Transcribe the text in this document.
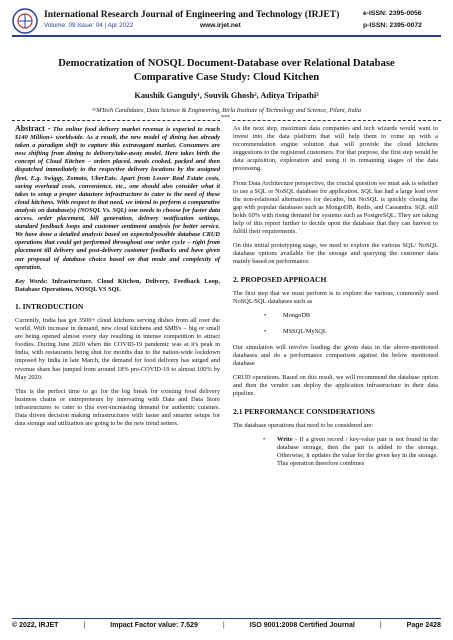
International Research Journal of Engineering and Technology (IRJET)
Volume: 09 Issue: 04 | Apr 2022	www.irjet.net
e-ISSN: 2395-0056
p-ISSN: 2395-0072
Democratization of NOSQL Document-Database over Relational Database
Comparative Case Study: Cloud Kitchen
Kaushik Ganguly¹, Souvik Ghosh², Aditya Tripathi³
¹ʲʳMTech Candidates, Data Science & Engineering, Birla Institute of Technology and Science, Pilani, India
***

Abstract - The online food delivery market revenue is expected to reach $140 Million+ worldwide. As a result, the new model of dining has already taken a paradigm shift to capture this extravagant market. Consumers are now shifting from dining to delivery/take-away model. Here takes birth the concept of Cloud Kitchen – orders placed, meals cooked, packed and then dispatched immediately to the respective delivery locations by the assigned fleet, E.g. Swiggy, Zomato, UberEats. Apart from Lower Real Estate costs, saving overhead costs, convenience, etc., one should also consider what it takes to setup a proper datastore infrastructure to cater to the need of these cloud kitchens. With respect to that need, we intend to perform a comparative analysis on database(s) (NOSQL Vs. SQL) one needs to choose for faster data access, order placement, bill generation, delivery notification settings, standard feedback loops and customer sentiment analysis for better service. We have done a detailed analysis based on expected/possible database CRUD operations that could get performed throughout one order cycle – right from placement till delivery and post-delivery customer feedbacks and have given our proposal of database choice based on that mode and complexity of operation.

Key Words: Infrastructure, Cloud Kitchen, Delivery, Feedback Loop, Database Operations, NOSQL VS SQL

1. INTRODUCTION

Currently, India has got 3500+ cloud kitchens serving dishes from all over the world. With increase in demand, new cloud kitchens and SMB's – big or small are being opened almost every day resulting in intense competition to attract foodies. During June 2020 when the COVID-19 pandemic was at it's peak in India, with restaurants being shut for months due to the nation-wide lockdown imposed by India in late March, the demand for food delivery has surged and revenue share has jumped from around 18% pre-COVID-19 to almost 100% by May 2020.

This is the perfect time to go for the big break for existing food delivery business chains or entrepreneurs by innovating with Data and Data Store infrastructures to cater to this ever-increasing demand for authentic cuisines. Data driven decision making infrastructures with faster and smarter setups for data storage and utilization are going to be the new trend setters.

As the next step, maximum data companies and tech wizards would want to invest into the data platform that will help them to come up with a recommendation engine solution that will provide the cloud kitchens suggestions to the registered customers. For that purpose, the first step would be data acquisition, exploration and using it in remaining stages of the data processing.

From Data Architecture perspective, the crucial question we must ask is whether to use a SQL or NoSQL database for application. SQL has had a large lead over the non-relational alternatives for decades, but NoSQL is quickly closing the gap with popular databases such as MongoDB, Redis, and Cassandra. SQL still holds 60% with rising demand for systems such as PostgreSQL. They are taking help of this report further to decide upon the database that they can harvest to fulfill their requirements.

On this initial prototyping stage, we need to explore the various SQL/ NoSQL database options available for the storage and querying the customer data mainly based on performance.

2. PROPOSED APPROACH

The first step that we must perform is to explore the various, commonly used NoSQL/SQL databases such as

•	MongoDB
•	MSSQL/MySQL

Our simulation will involve loading the given data in the above-mentioned databases and do a performance comparison against the below mentioned database

CRUD operations. Based on this result, we will recommend the database option and then the vendor can deploy the application infrastructure in their data pipeline.

2.1 PERFORMANCE CONSIDERATIONS

The database operations that need to be considered are:

• Write - If a given record / key-value pair is not found in the database storage, then the pair is added to the storage. Otherwise, it updates the value for the given key in the storage. This operation therefore combines
© 2022, IRJET	|	Impact Factor value: 7.529	|	ISO 9001:2008 Certified Journal	|	Page 2428
